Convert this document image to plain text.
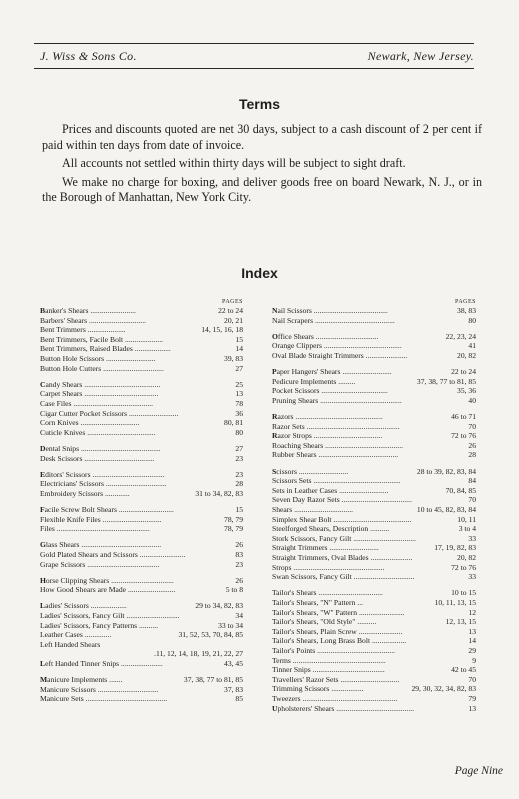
J. Wiss & Sons Co.	Newark, New Jersey.
Terms

Prices and discounts quoted are net 30 days, subject to a cash discount of 2 per cent if paid within ten days from date of invoice.

All accounts not settled within thirty days will be subject to sight draft.

We make no charge for boxing, and deliver goods free on board Newark, N. J., or in the Borough of Manhattan, New York City.

Index
PAGES
22 to 24
Banker's Shears ........................
20, 21
Barbers' Shears ..............................
14, 15, 16, 18
Bent Trimmers ....................
15
Bent Trimmers, Facile Bolt ....................
14
Bent Trimmers, Raised Blades ...................
39, 83
Button Hole Scissors ..........................
27
Button Hole Cutters ................................
25
Candy Shears ........................................
13
Carpet Shears .......................................
78
Case Files ..........................................
36
Cigar Cutter Pocket Scissors ..........................
80, 81
Corn Knives ...............................
80
Cuticle Knives ....................................
27
Dental Snips ..........................................
23
Desk Scissors .....................................
23
Editors' Scissors ......................................
28
Electricians' Scissors ................................
31 to 34, 82, 83
Embroidery Scissors .............
15
Facile Screw Bolt Shears .............................
78, 79
Flexible Knife Files ...............................
78, 79
Files .................................................
26
Glass Shears ..........................................
83
Gold Plated Shears and Scissors ........................
23
Grape Scissors ......................................
26
Horse Clipping Shears .................................
5 to 8
How Good Shears are Made .........................
29 to 34, 82, 83
Ladies' Scissors ...................
34
Ladies' Scissors, Fancy Gilt ............................
33 to 34
Ladies' Scissors, Fancy Patterns ..........
31, 52, 53, 70, 84, 85
Leather Cases ..............
Left Handed Shears
.11, 12, 14, 18, 19, 21, 22, 27
43, 45
Left Handed Tinner Snips ......................
37, 38, 77 to 81, 85
Manicure Implements .......
37, 83
Manicure Scissors ................................
85
Manicure Sets ...........................................
PAGES
38, 83
Nail Scissors .......................................
80
Nail Scrapers ..........................................
22, 23, 24
Office Shears .................................
41
Orange Clippers .........................................
20, 82
Oval Blade Straight Trimmers ......................
22 to 24
Paper Hangers' Shears ..........................
37, 38, 77 to 81, 85
Pedicure Implements .........
35, 36
Pocket Scissors ...................................
40
Pruning Shears ...........................................
46 to 71
Razors ..............................................
70
Razor Sets .................................................
72 to 76
Razor Strops ....................................
26
Roaching Shears .........................................
28
Rubber Shears ..........................................
28 to 39, 82, 83, 84
Scissors ..........................
84
Scissors Sets ..............................................
70, 84, 85
Sets in Leather Cases ..........................
70
Seven Day Razor Sets .....................................
10 to 45, 82, 83, 84
Shears ...............................
10, 11
Simplex Shear Bolt .........................................
3 to 4
Steelforged Shears, Description ..........
33
Stork Scissors, Fancy Gilt .................................
17, 19, 82, 83
Straight Trimmers ..........................
20, 82
Straight Trimmers, Oval Blades ......................
72 to 76
Strops ................................................
33
Swan Scissors, Fancy Gilt ................................
10 to 15
Tailor's Shears ..................................
10, 11, 13, 15
Tailor's Shears, "N" Pattern ...
12
Tailor's Shears, "W" Pattern ........................
12, 13, 15
Tailor's Shears, "Old Style" ..........
13
Tailor's Shears, Plain Screw .......................
14
Tailor's Shears, Long Brass Bolt ..................
29
Tailor's Points .........................................
9
Terms .................................................
42 to 45
Tinner Snips ......................................
70
Travellers' Razor Sets ...............................
29, 30, 32, 34, 82, 83
Trimming Scissors .................
79
Tweezers ..................................................
13
Upholsterers' Shears .........................................
Page Nine
